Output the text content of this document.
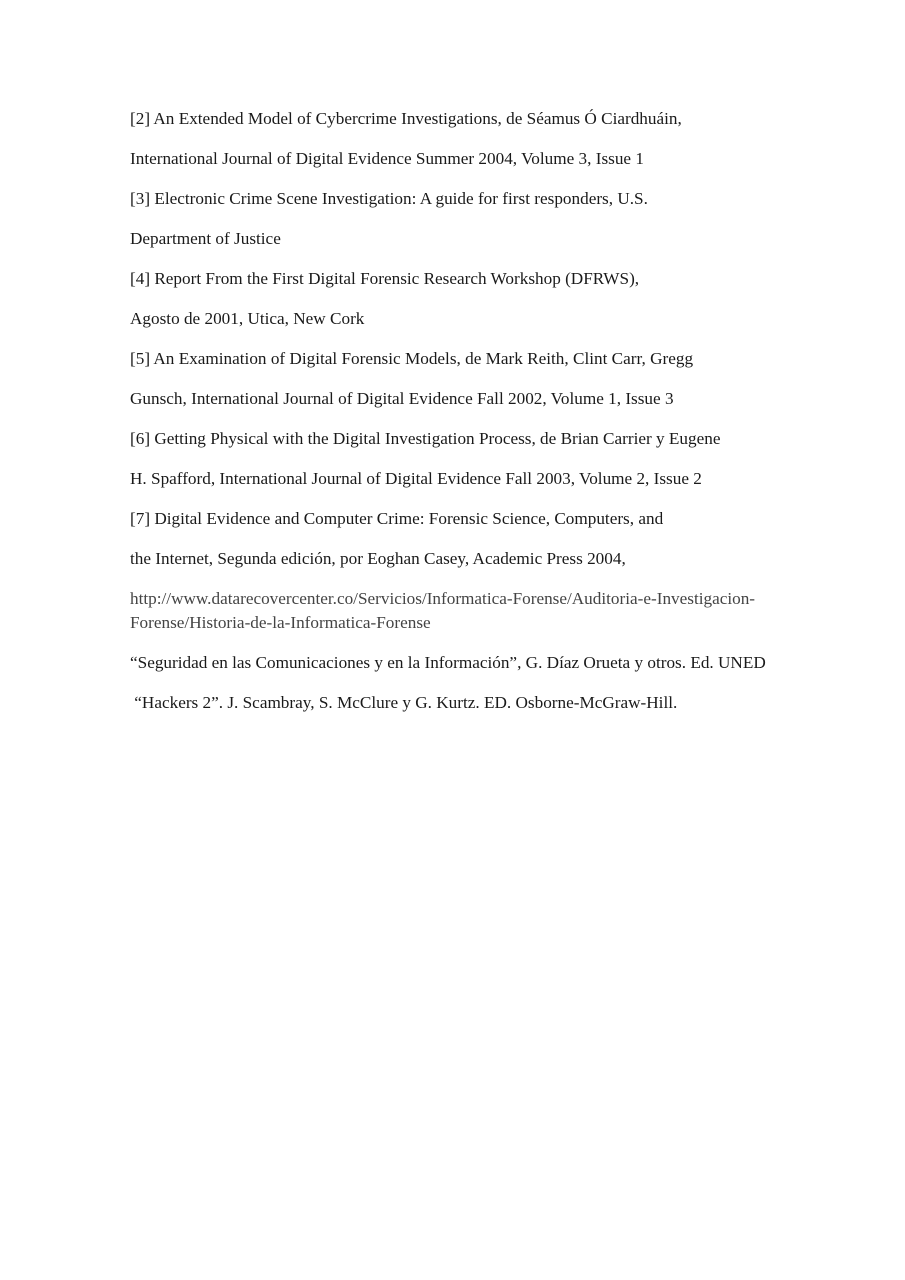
[2] An Extended Model of Cybercrime Investigations, de Séamus Ó Ciardhuáin,
International Journal of Digital Evidence Summer 2004, Volume 3, Issue 1
[3] Electronic Crime Scene Investigation: A guide for first responders, U.S.
Department of Justice
[4] Report From the First Digital Forensic Research Workshop (DFRWS),
Agosto de 2001, Utica, New Cork
[5] An Examination of Digital Forensic Models, de Mark Reith, Clint Carr, Gregg
Gunsch, International Journal of Digital Evidence Fall 2002, Volume 1, Issue 3
[6] Getting Physical with the Digital Investigation Process, de Brian Carrier y Eugene
H. Spafford, International Journal of Digital Evidence Fall 2003, Volume 2, Issue 2
[7] Digital Evidence and Computer Crime: Forensic Science, Computers, and
the Internet, Segunda edición, por Eoghan Casey, Academic Press 2004,
http://www.datarecovercenter.co/Servicios/Informatica-Forense/Auditoria-e-Investigacion-Forense/Historia-de-la-Informatica-Forense
“Seguridad en las Comunicaciones y en la Información”, G. Díaz Orueta y otros. Ed. UNED
“Hackers 2”. J. Scambray, S. McClure y G. Kurtz. ED. Osborne-McGraw-Hill.
